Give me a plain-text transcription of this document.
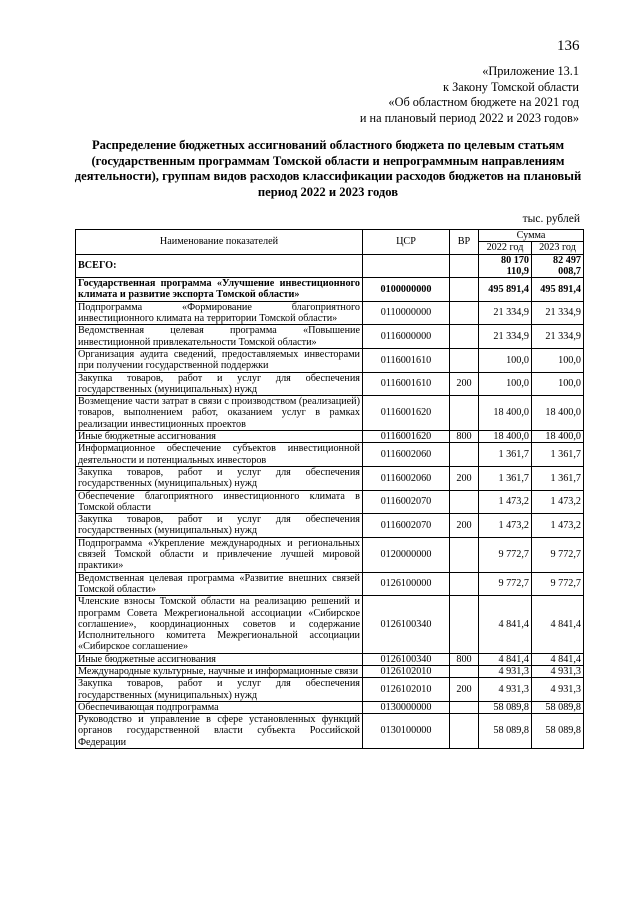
136
«Приложение 13.1
к Закону Томской области
«Об областном бюджете на 2021 год
и на плановый период 2022 и 2023 годов»
Распределение бюджетных ассигнований областного бюджета по целевым статьям (государственным программам Томской области и непрограммным направлениям деятельности), группам видов расходов классификации расходов бюджетов на плановый период 2022 и 2023 годов
тыс. рублей
Наименование показателей	ЦСР	ВР	Сумма	
			2022 год	2023 год
ВСЕГО:			80 170 110,9	82 497 008,7
Государственная программа «Улучшение инвестиционного климата и развитие экспорта Томской области»	0100000000		495 891,4	495 891,4
Подпрограмма «Формирование благоприятного инвестиционного климата на территории Томской области»	0110000000		21 334,9	21 334,9
Ведомственная целевая программа «Повышение инвестиционной привлекательности Томской области»	0116000000		21 334,9	21 334,9
Организация аудита сведений, предоставляемых инвесторами при получении государственной поддержки	0116001610		100,0	100,0
Закупка товаров, работ и услуг для обеспечения государственных (муниципальных) нужд	0116001610	200	100,0	100,0
Возмещение части затрат в связи с производством (реализацией) товаров, выполнением работ, оказанием услуг в рамках реализации инвестиционных проектов	0116001620		18 400,0	18 400,0
Иные бюджетные ассигнования	0116001620	800	18 400,0	18 400,0
Информационное обеспечение субъектов инвестиционной деятельности и потенциальных инвесторов	0116002060		1 361,7	1 361,7
Закупка товаров, работ и услуг для обеспечения государственных (муниципальных) нужд	0116002060	200	1 361,7	1 361,7
Обеспечение благоприятного инвестиционного климата в Томской области	0116002070		1 473,2	1 473,2
Закупка товаров, работ и услуг для обеспечения государственных (муниципальных) нужд	0116002070	200	1 473,2	1 473,2
Подпрограмма «Укрепление международных и региональных связей Томской области и привлечение лучшей мировой практики»	0120000000		9 772,7	9 772,7
Ведомственная целевая программа «Развитие внешних связей Томской области»	0126100000		9 772,7	9 772,7
Членские взносы Томской области на реализацию решений и программ Совета Межрегиональной ассоциации «Сибирское соглашение», координационных советов и содержание Исполнительного комитета Межрегиональной ассоциации «Сибирское соглашение»	0126100340		4 841,4	4 841,4
Иные бюджетные ассигнования	0126100340	800	4 841,4	4 841,4
Международные культурные, научные и информационные связи	0126102010		4 931,3	4 931,3
Закупка товаров, работ и услуг для обеспечения государственных (муниципальных) нужд	0126102010	200	4 931,3	4 931,3
Обеспечивающая подпрограмма	0130000000		58 089,8	58 089,8
Руководство и управление в сфере установленных функций органов государственной власти субъекта Российской Федерации	0130100000		58 089,8	58 089,8
